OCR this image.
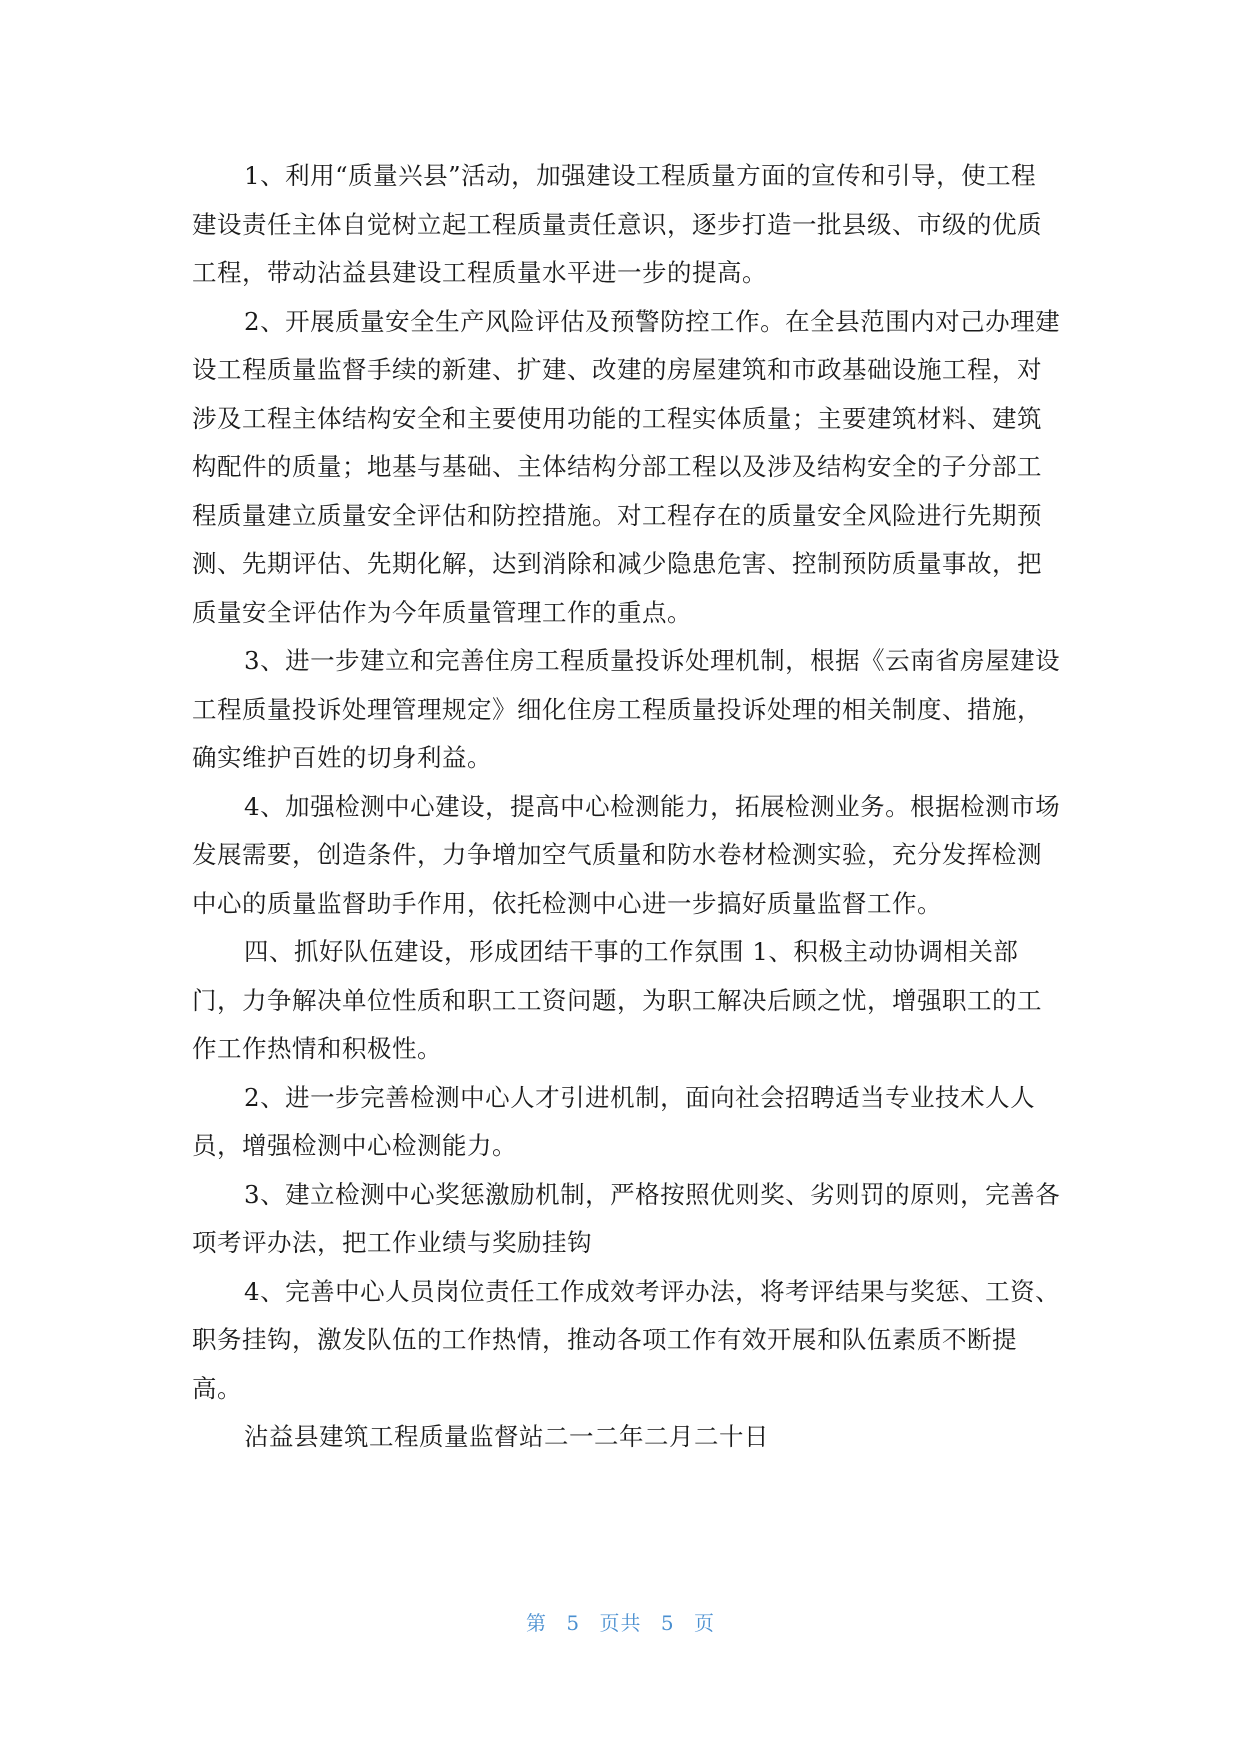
1、利用“质量兴县”活动，加强建设工程质量方面的宣传和引导，使工程
建设责任主体自觉树立起工程质量责任意识，逐步打造一批县级、市级的优质
工程，带动沾益县建设工程质量水平进一步的提高。

2、开展质量安全生产风险评估及预警防控工作。在全县范围内对己办理建
设工程质量监督手续的新建、扩建、改建的房屋建筑和市政基础设施工程，对
涉及工程主体结构安全和主要使用功能的工程实体质量；主要建筑材料、建筑
构配件的质量；地基与基础、主体结构分部工程以及涉及结构安全的子分部工
程质量建立质量安全评估和防控措施。对工程存在的质量安全风险进行先期预
测、先期评估、先期化解，达到消除和减少隐患危害、控制预防质量事故，把
质量安全评估作为今年质量管理工作的重点。

3、进一步建立和完善住房工程质量投诉处理机制，根据《云南省房屋建设
工程质量投诉处理管理规定》细化住房工程质量投诉处理的相关制度、措施，
确实维护百姓的切身利益。

4、加强检测中心建设，提高中心检测能力，拓展检测业务。根据检测市场
发展需要，创造条件，力争增加空气质量和防水卷材检测实验，充分发挥检测
中心的质量监督助手作用，依托检测中心进一步搞好质量监督工作。

四、抓好队伍建设，形成团结干事的工作氛围 1、积极主动协调相关部
门，力争解决单位性质和职工工资问题，为职工解决后顾之忧，增强职工的工
作工作热情和积极性。

2、进一步完善检测中心人才引进机制，面向社会招聘适当专业技术人人
员，增强检测中心检测能力。

3、建立检测中心奖惩激励机制，严格按照优则奖、劣则罚的原则，完善各
项考评办法，把工作业绩与奖励挂钩

4、完善中心人员岗位责任工作成效考评办法，将考评结果与奖惩、工资、
职务挂钩，激发队伍的工作热情，推动各项工作有效开展和队伍素质不断提
高。

沾益县建筑工程质量监督站二一二年二月二十日

第 5 页共 5 页
